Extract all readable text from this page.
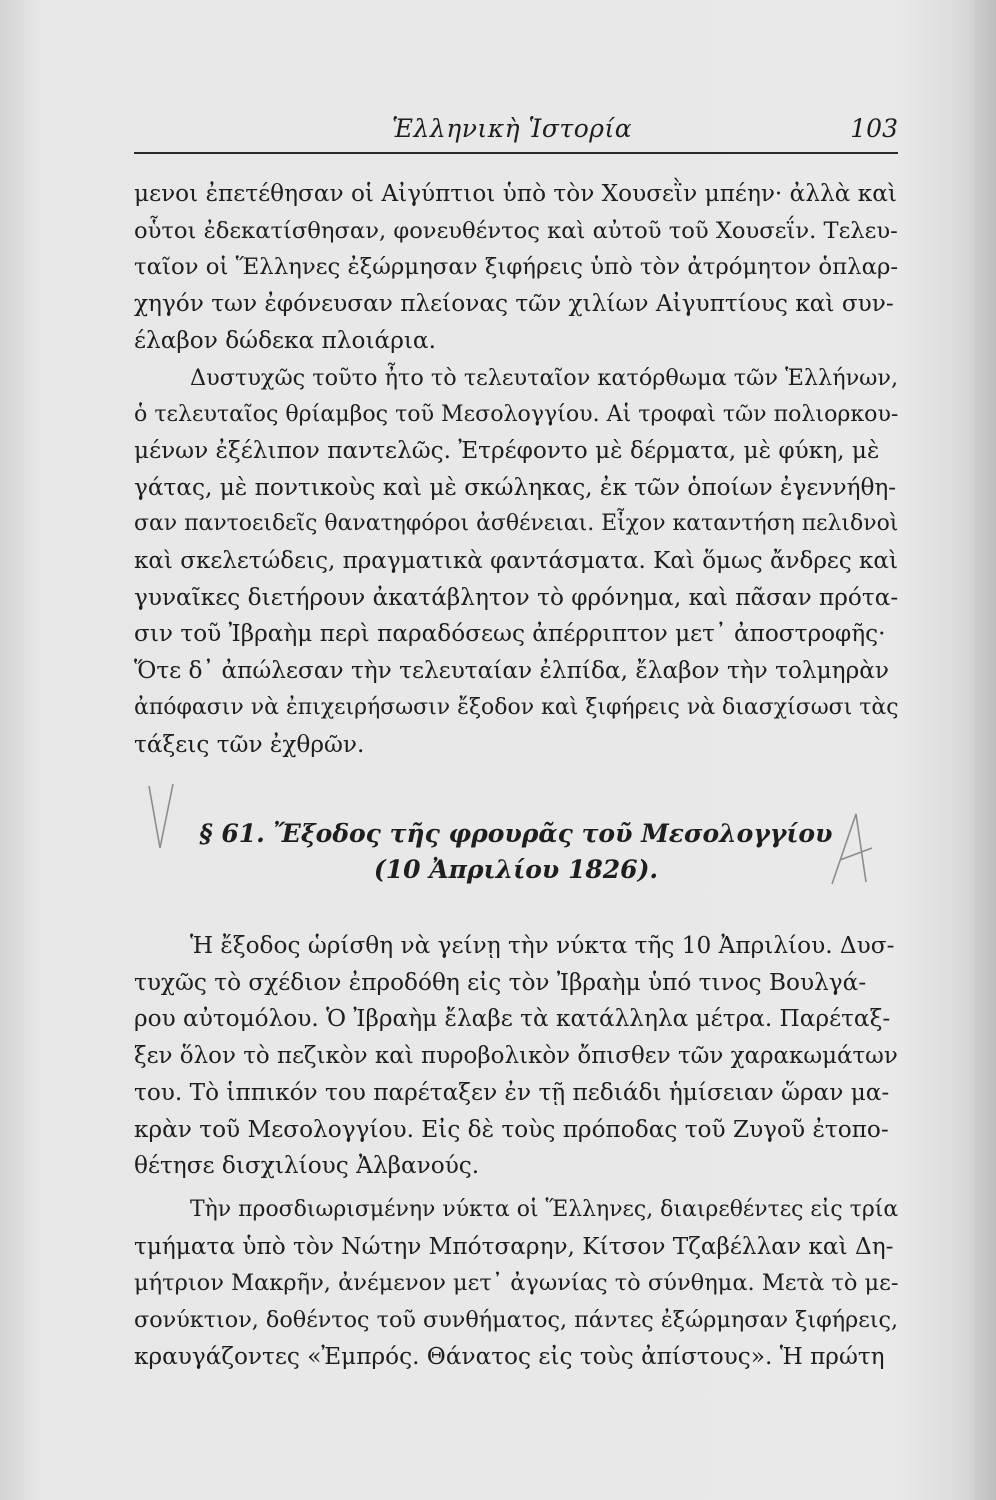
Ἑλληνικὴ Ἱστορία	103
μενοι ἐπετέθησαν οἱ Αἰγύπτιοι ὑπὸ τὸν Χουσεῒν μπέην· ἀλλὰ καὶ
οὗτοι ἐδεκατίσθησαν, φονευθέντος καὶ αὐτοῦ τοῦ Χουσεΐν. Τελευ-
ταῖον οἱ Ἕλληνες ἐξώρμησαν ξιφήρεις ὑπὸ τὸν ἀτρόμητον ὁπλαρ-
χηγόν των ἐφόνευσαν πλείονας τῶν χιλίων Αἰγυπτίους καὶ συν-
έλαβον δώδεκα πλοιάρια.
Δυστυχῶς τοῦτο ἦτο τὸ τελευταῖον κατόρθωμα τῶν Ἑλλήνων,
ὁ τελευταῖος θρίαμβος τοῦ Μεσολογγίου. Αἱ τροφαὶ τῶν πολιορκου-
μένων ἐξέλιπον παντελῶς. Ἐτρέφοντο μὲ δέρματα, μὲ φύκη, μὲ
γάτας, μὲ ποντικοὺς καὶ μὲ σκώληκας, ἐκ τῶν ὁποίων ἐγεννήθη-
σαν παντοειδεῖς θανατηφόροι ἀσθένειαι. Εἶχον καταντήση πελιδνοὶ
καὶ σκελετώδεις, πραγματικὰ φαντάσματα. Καὶ ὅμως ἄνδρες καὶ
γυναῖκες διετήρουν ἀκατάβλητον τὸ φρόνημα, καὶ πᾶσαν πρότα-
σιν τοῦ Ἰβραὴμ περὶ παραδόσεως ἀπέρριπτον μετ᾽ ἀποστροφῆς·
Ὅτε δ᾽ ἀπώλεσαν τὴν τελευταίαν ἐλπίδα, ἔλαβον τὴν τολμηρὰν
ἀπόφασιν νὰ ἐπιχειρήσωσιν ἔξοδον καὶ ξιφήρεις νὰ διασχίσωσι τὰς
τάξεις τῶν ἐχθρῶν.
§ 61. Ἔξοδος τῆς φρουρᾶς τοῦ Μεσολογγίου
(10 Ἀπριλίου 1826).
Ἡ ἔξοδος ὡρίσθη νὰ γείνῃ τὴν νύκτα τῆς 10 Ἀπριλίου. Δυσ-
τυχῶς τὸ σχέδιον ἐπροδόθη εἰς τὸν Ἰβραὴμ ὑπό τινος Βουλγά-
ρου αὐτομόλου. Ὁ Ἰβραὴμ ἔλαβε τὰ κατάλληλα μέτρα. Παρέταξ-
ξεν ὅλον τὸ πεζικὸν καὶ πυροβολικὸν ὄπισθεν τῶν χαρακωμάτων
του. Τὸ ἱππικόν του παρέταξεν ἐν τῇ πεδιάδι ἡμίσειαν ὥραν μα-
κρὰν τοῦ Μεσολογγίου. Εἰς δὲ τοὺς πρόποδας τοῦ Ζυγοῦ ἐτοπο-
θέτησε δισχιλίους Ἀλβανούς.
Τὴν προσδιωρισμένην νύκτα οἱ Ἕλληνες, διαιρεθέντες εἰς τρία
τμήματα ὑπὸ τὸν Νώτην Μπότσαρην, Κίτσον Τζαβέλλαν καὶ Δη-
μήτριον Μακρῆν, ἀνέμενον μετ᾽ ἀγωνίας τὸ σύνθημα. Μετὰ τὸ με-
σονύκτιον, δοθέντος τοῦ συνθήματος, πάντες ἐξώρμησαν ξιφήρεις,
κραυγάζοντες «Ἐμπρός. Θάνατος εἰς τοὺς ἀπίστους». Ἡ πρώτη
